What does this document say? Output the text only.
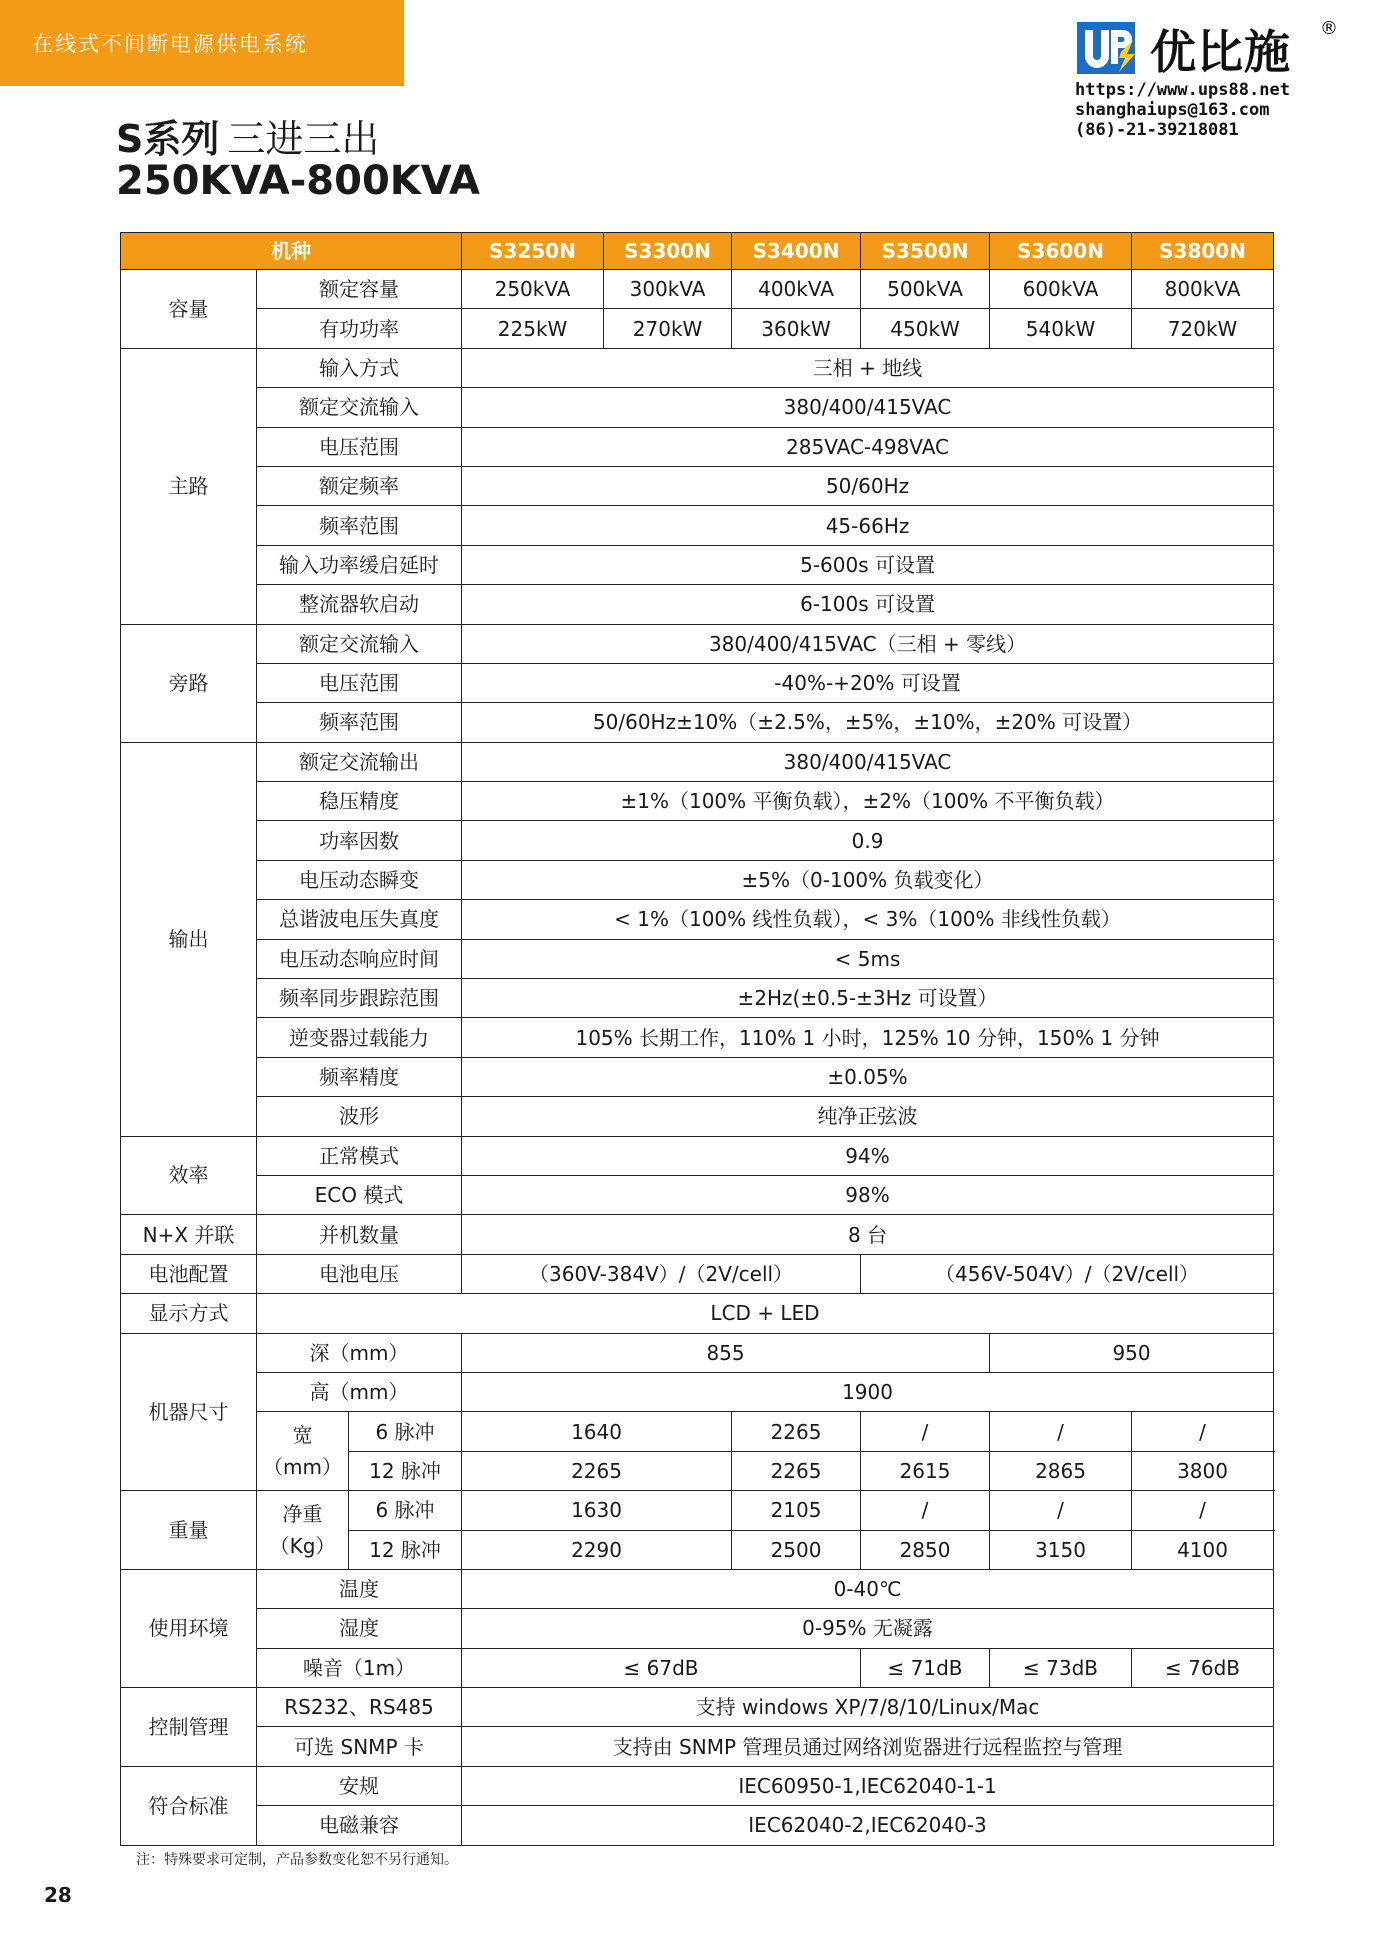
在线式不间断电源供电系统	优比施 ®
https://www.ups88.net
shanghaiups@163.com
(86)-21-39218081
S系列 三进三出
250KVA-800KVA
机种			S3250N	S3300N	S3400N	S3500N	S3600N	S3800N
容量	额定容量		250kVA	300kVA	400kVA	500kVA	600kVA	800kVA
	有功功率		225kW	270kW	360kW	450kW	540kW	720kW
主路	输入方式		三相 + 地线					
	额定交流输入		380/400/415VAC					
	电压范围		285VAC-498VAC					
	额定频率		50/60Hz					
	频率范围		45-66Hz					
	输入功率缓启延时		5-600s 可设置					
	整流器软启动		6-100s 可设置					
旁路	额定交流输入		380/400/415VAC（三相 + 零线）					
	电压范围		-40%-+20% 可设置					
	频率范围		50/60Hz±10%（±2.5%，±5%，±10%，±20% 可设置）					
输出	额定交流输出		380/400/415VAC					
	稳压精度		±1%（100% 平衡负载），±2%（100% 不平衡负载）					
	功率因数		0.9					
	电压动态瞬变		±5%（0-100% 负载变化）					
	总谐波电压失真度		< 1%（100% 线性负载），< 3%（100% 非线性负载）					
	电压动态响应时间		< 5ms					
	频率同步跟踪范围		±2Hz(±0.5-±3Hz 可设置）					
	逆变器过载能力		105% 长期工作，110% 1 小时，125% 10 分钟，150% 1 分钟					
	频率精度		±0.05%					
	波形		纯净正弦波					
效率	正常模式		94%					
	ECO 模式		98%					
N+X 并联	并机数量		8 台					
电池配置	电池电压		（360V-384V）/（2V/cell）			（456V-504V）/（2V/cell）		
显示方式	LCD + LED							
机器尺寸	深（mm）		855				950	
	高（mm）		1900					

	宽
（mm）	6 脉冲	1640		2265	/	/	/
		12 脉冲	2265		2265	2615	2865	3800
重量	净重
（Kg）	6 脉冲	1630		2105	/	/	/
		12 脉冲	2290		2500	2850	3150	4100
使用环境	温度		0-40℃					
	湿度		0-95% 无凝露					
	噪音（1m）		≤ 67dB			≤ 71dB	≤ 73dB	≤ 76dB
控制管理	RS232、RS485		支持 windows XP/7/8/10/Linux/Mac					
	可选 SNMP 卡		支持由 SNMP 管理员通过网络浏览器进行远程监控与管理					
符合标准	安规		IEC60950-1,IEC62040-1-1					
	电磁兼容		IEC62040-2,IEC62040-3					
注：特殊要求可定制，产品参数变化恕不另行通知。
28
